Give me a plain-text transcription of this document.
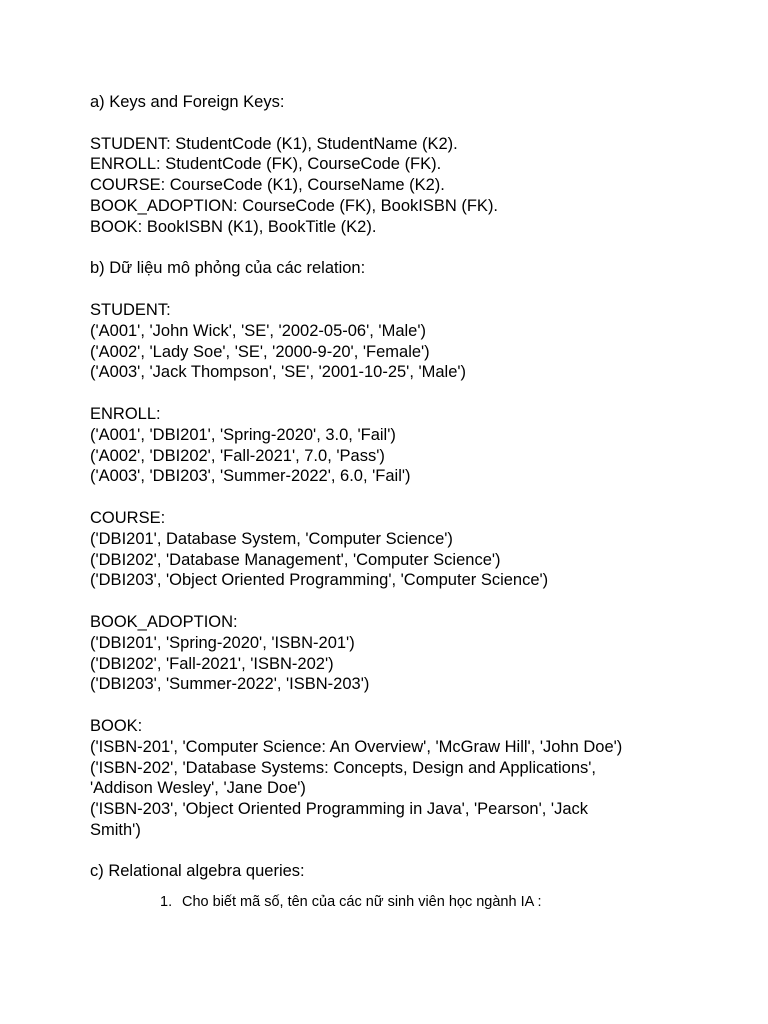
a) Keys and Foreign Keys:
STUDENT: StudentCode (K1), StudentName (K2).
ENROLL: StudentCode (FK), CourseCode (FK).
COURSE: CourseCode (K1), CourseName (K2).
BOOK_ADOPTION: CourseCode (FK), BookISBN (FK).
BOOK: BookISBN (K1), BookTitle (K2).
b) Dữ liệu mô phỏng của các relation:
STUDENT:
('A001', 'John Wick', 'SE', '2002-05-06', 'Male')
('A002', 'Lady Soe', 'SE', '2000-9-20', 'Female')
('A003', 'Jack Thompson', 'SE', '2001-10-25', 'Male')
ENROLL:
('A001', 'DBI201', 'Spring-2020', 3.0, 'Fail')
('A002', 'DBI202', 'Fall-2021', 7.0, 'Pass')
('A003', 'DBI203', 'Summer-2022', 6.0, 'Fail')
COURSE:
('DBI201', Database System, 'Computer Science')
('DBI202', 'Database Management', 'Computer Science')
('DBI203', 'Object Oriented Programming', 'Computer Science')
BOOK_ADOPTION:
('DBI201', 'Spring-2020', 'ISBN-201')
('DBI202', 'Fall-2021', 'ISBN-202')
('DBI203', 'Summer-2022', 'ISBN-203')
BOOK:
('ISBN-201', 'Computer Science: An Overview', 'McGraw Hill', 'John Doe')
('ISBN-202', 'Database Systems: Concepts, Design and Applications',
'Addison Wesley', 'Jane Doe')
('ISBN-203', 'Object Oriented Programming in Java', 'Pearson', 'Jack
Smith')
c) Relational algebra queries:
1. Cho biết mã số, tên của các nữ sinh viên học ngành IA :
